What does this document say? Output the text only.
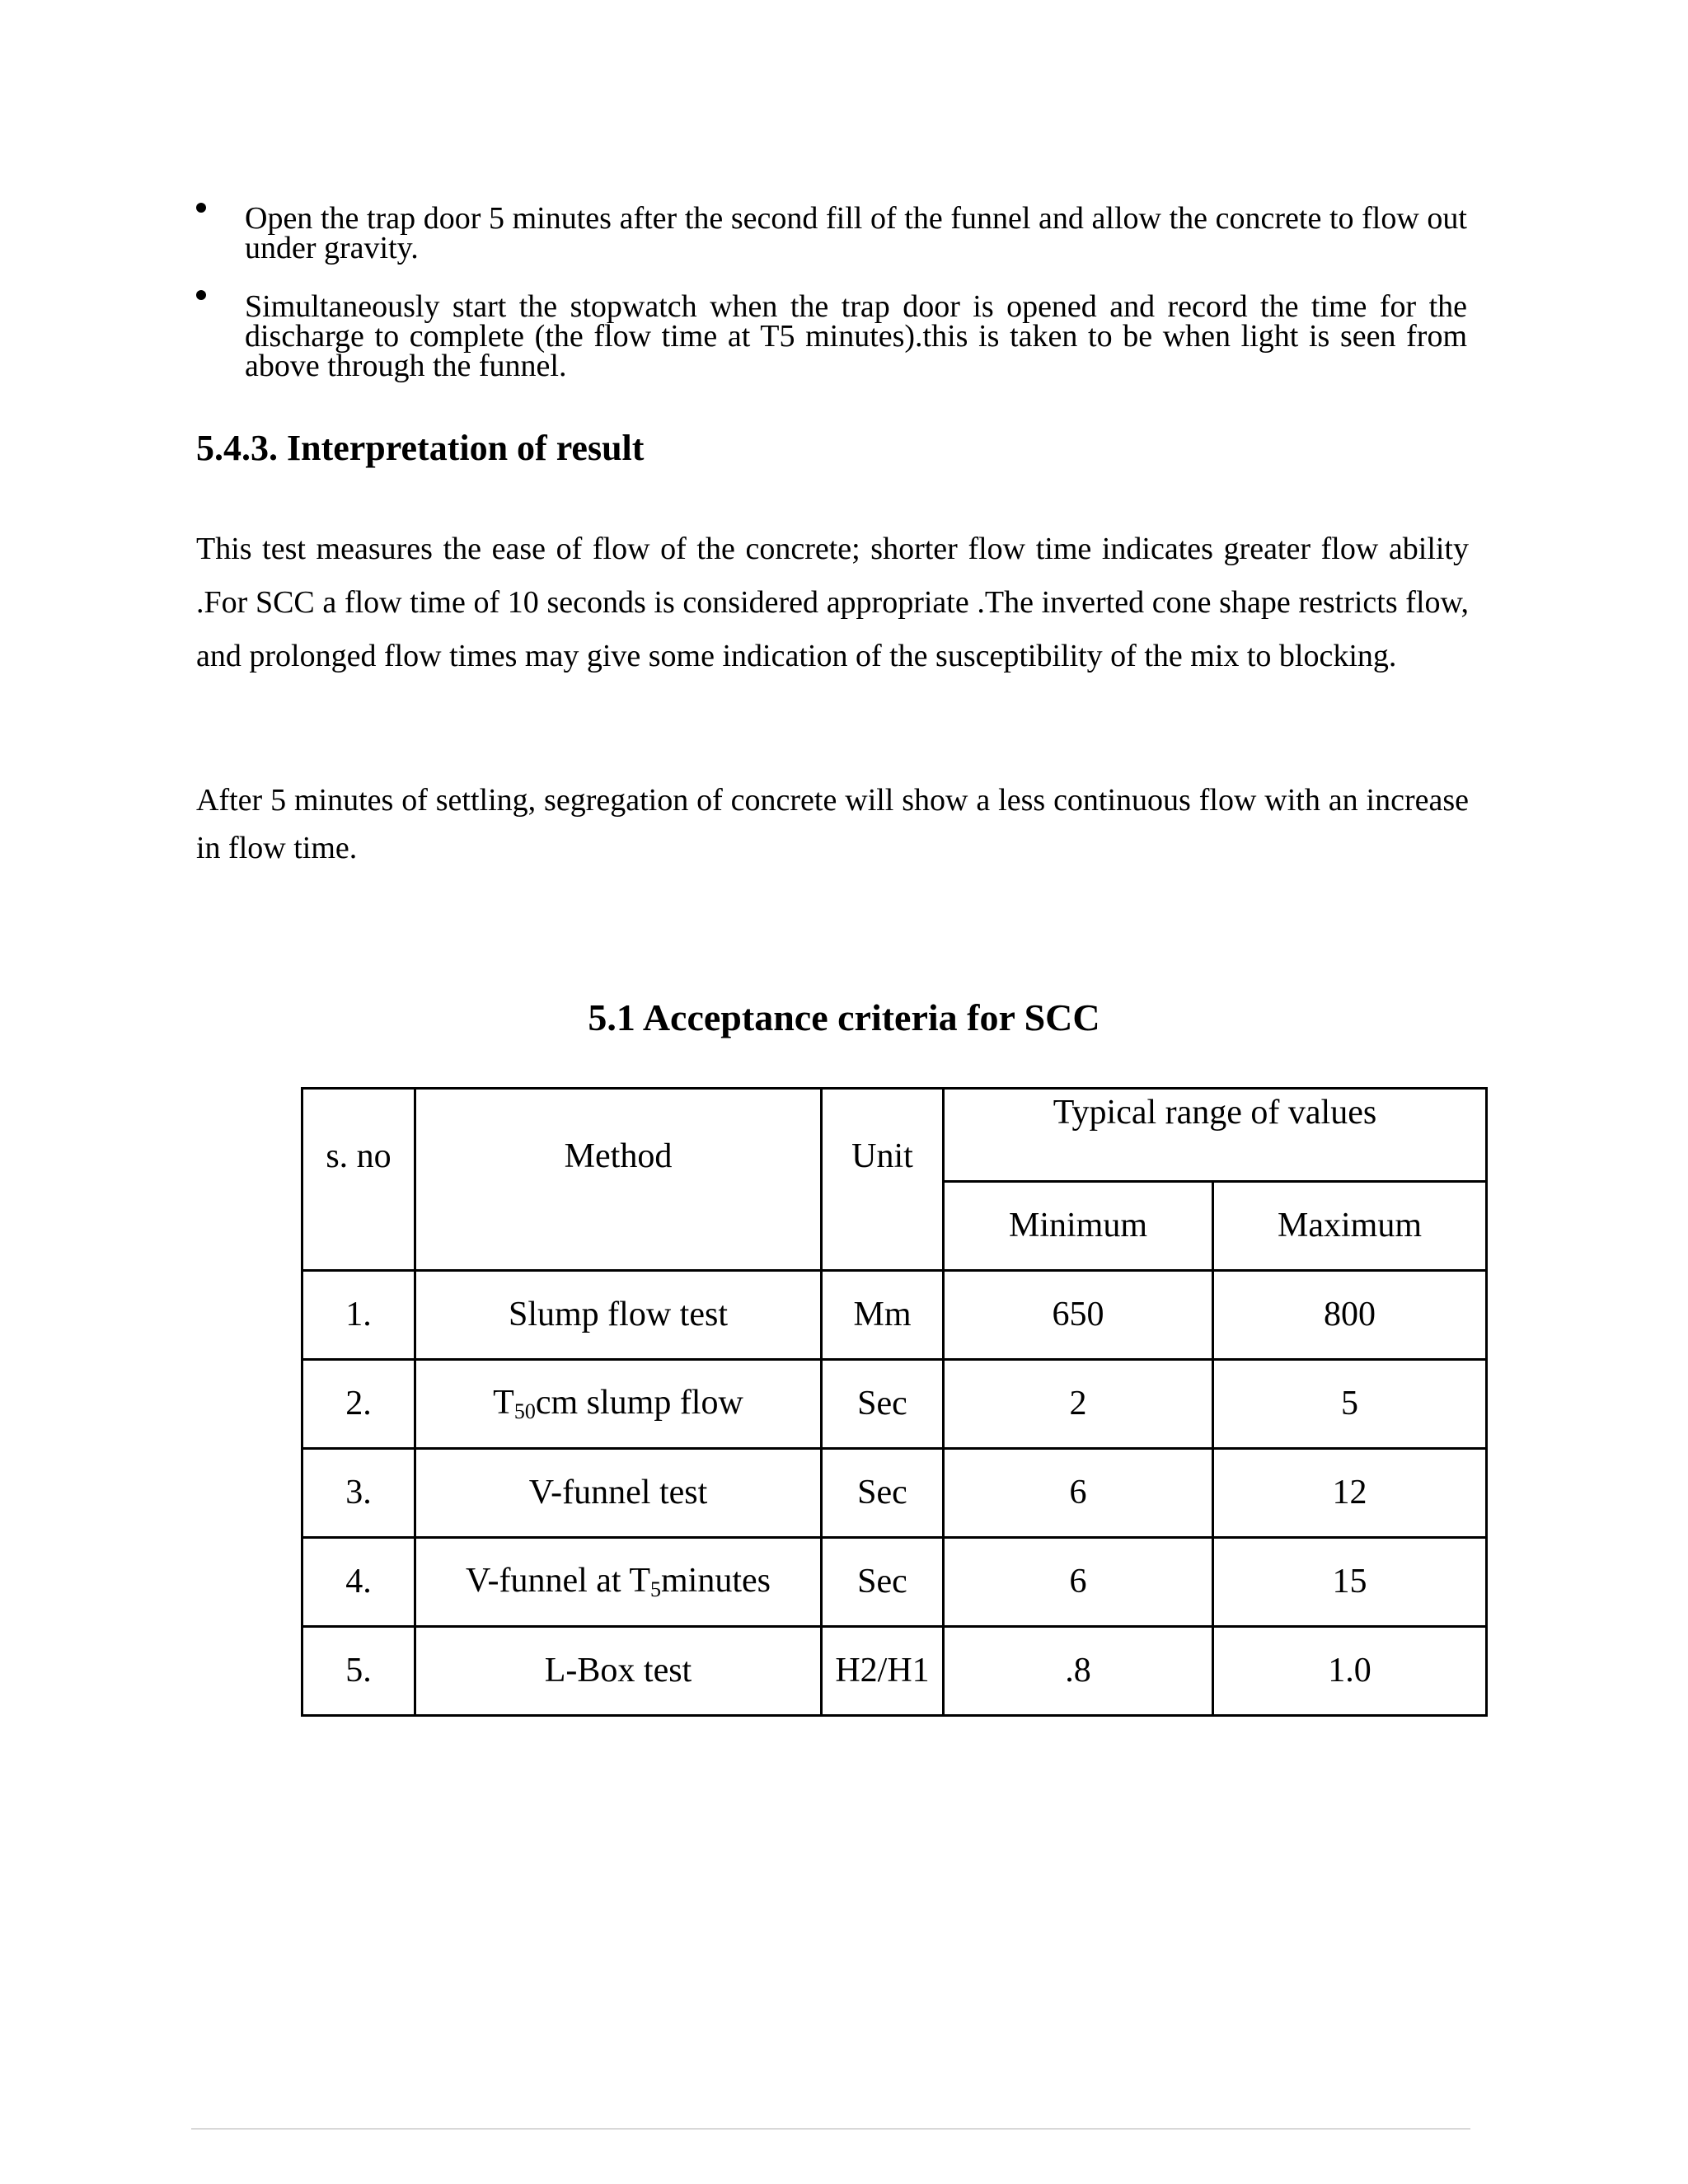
Open the trap door 5 minutes after the second fill of the funnel and allow the concrete to flow out under gravity.
Simultaneously start the stopwatch when the trap door is opened and record the time for the discharge to complete (the flow time at T5 minutes).this is taken to be when light is seen from above through the funnel.
5.4.3. Interpretation of result

This test measures the ease of flow of the concrete; shorter flow time indicates greater flow ability .For SCC a flow time of 10 seconds is considered appropriate .The inverted cone shape restricts flow, and prolonged flow times may give some indication of the susceptibility of the mix to blocking.

After 5 minutes of settling, segregation of concrete will show a less continuous flow with an increase in flow time.

5.1 Acceptance criteria for SCC
s. no	Method	Unit	Typical range of values	
			Minimum	Maximum
1.	Slump flow test	Mm	650	800
2.	$T_{50}cm$ slump flow	Sec	2	5
3.	V-funnel test	Sec	6	12
4.	V-funnel at $T_5minutes$	Sec	6	15
5.	L-Box test	H2/H1	.8	1.0
